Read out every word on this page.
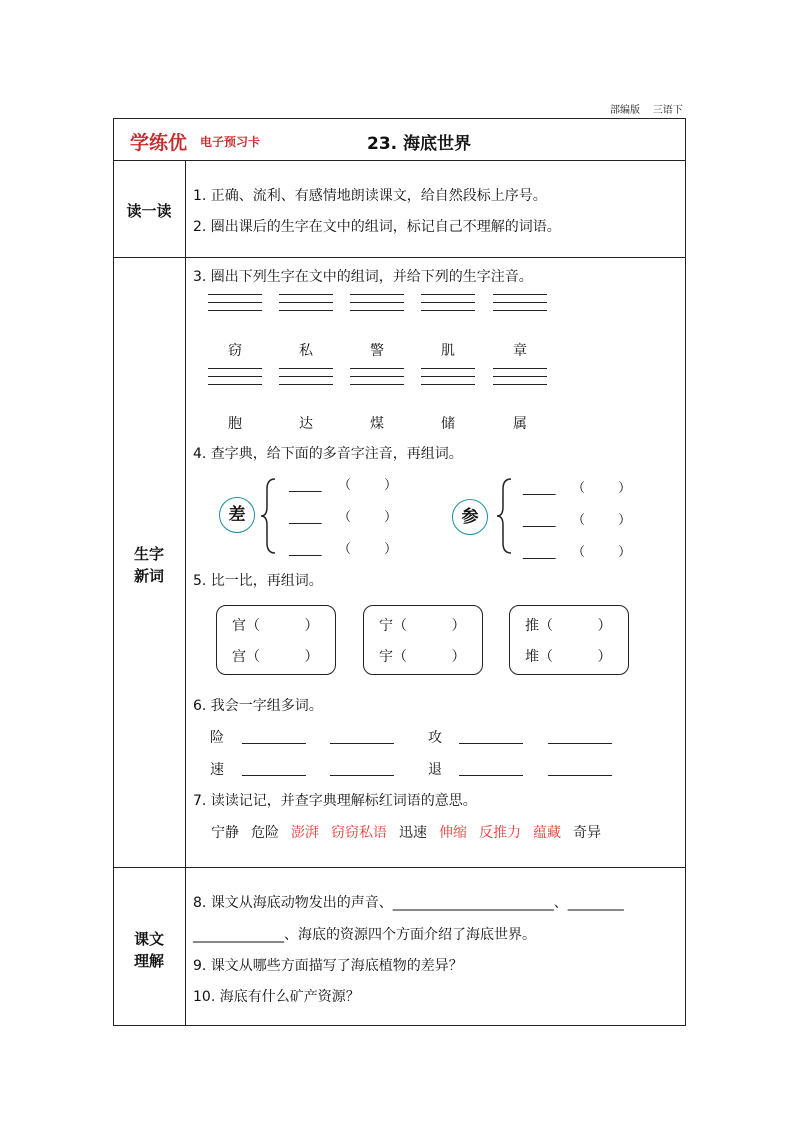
部编版    三语下
学练优 电子预习卡	23. 海底世界
读一读
生字
新词
课文
理解
1. 正确、流利、有感情地朗读课文，给自然段标上序号。
2. 圈出课后的生字在文中的组词，标记自己不理解的词语。
3. 圈出下列生字在文中的组词，并给下列的生字注音。
窃	私	警	肌	章
胞	达	煤	储	属
4. 查字典，给下面的多音字注音，再组词。
差
_____    （        ）
_____    （        ）
_____    （        ）
参
_____    （        ）
_____    （        ）
_____    （        ）
5. 比一比，再组词。
官（          ）
宫（          ）
宁（          ）
宇（          ）
推（          ）
堆（          ）
6. 我会一字组多词。
险	攻
速	退
7. 读读记记，并查字典理解标红词语的意思。
宁静 危险 澎湃 窃窃私语 迅速 伸缩 反推力 蕴藏 奇异
8. 课文从海底动物发出的声音、_______________________、________
_____________、海底的资源四个方面介绍了海底世界。
9. 课文从哪些方面描写了海底植物的差异？
10. 海底有什么矿产资源？
